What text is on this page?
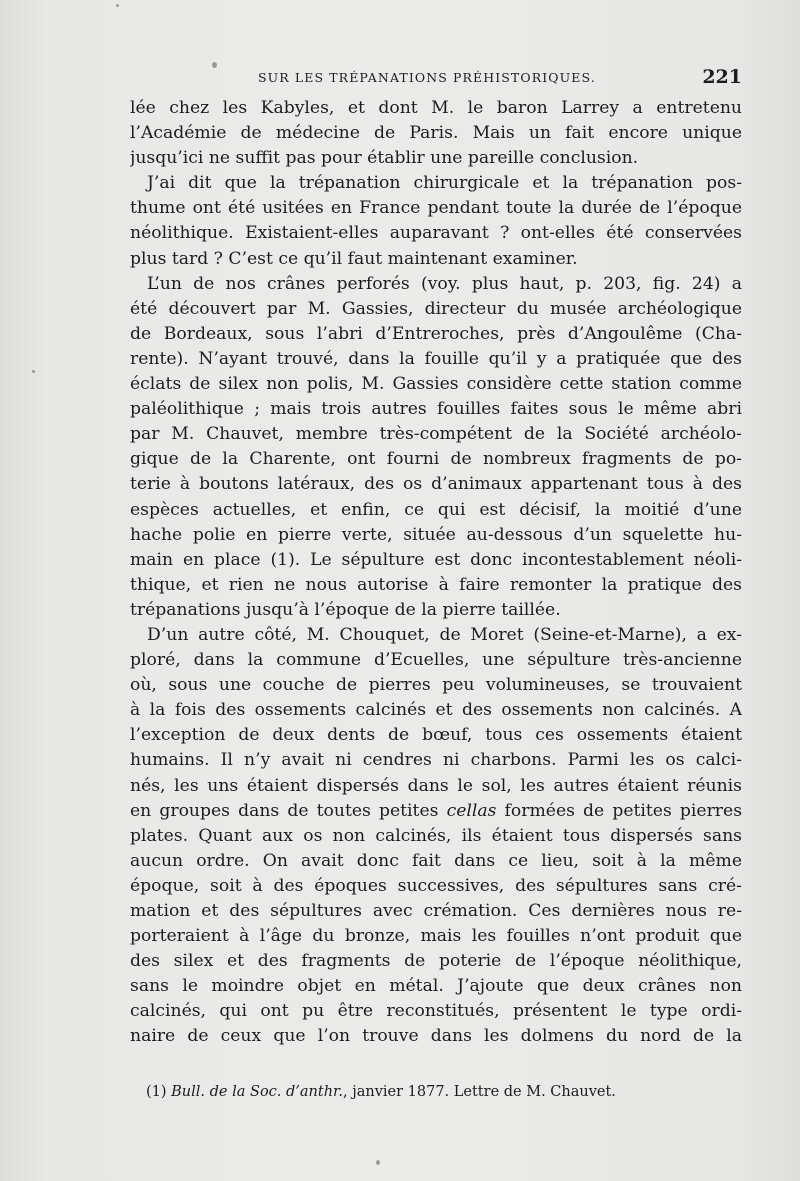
SUR LES TRÉPANATIONS PRÉHISTORIQUES.	221
lée chez les Kabyles, et dont M. le baron Larrey a entretenu
l’Académie de médecine de Paris. Mais un fait encore unique
jusqu’ici ne suffit pas pour établir une pareille conclusion.
J’ai dit que la trépanation chirurgicale et la trépanation pos-
thume ont été usitées en France pendant toute la durée de l’époque
néolithique. Existaient-elles auparavant ? ont-elles été conservées
plus tard ? C’est ce qu’il faut maintenant examiner.
L’un de nos crânes perforés (voy. plus haut, p. 203, fig. 24) a
été découvert par M. Gassies, directeur du musée archéologique
de Bordeaux, sous l’abri d’Entreroches, près d’Angoulême (Cha-
rente). N’ayant trouvé, dans la fouille qu’il y a pratiquée que des
éclats de silex non polis, M. Gassies considère cette station comme
paléolithique ; mais trois autres fouilles faites sous le même abri
par M. Chauvet, membre très-compétent de la Société archéolo-
gique de la Charente, ont fourni de nombreux fragments de po-
terie à boutons latéraux, des os d’animaux appartenant tous à des
espèces actuelles, et enfin, ce qui est décisif, la moitié d’une
hache polie en pierre verte, située au-dessous d’un squelette hu-
main en place (1). Le sépulture est donc incontestablement néoli-
thique, et rien ne nous autorise à faire remonter la pratique des
trépanations jusqu’à l’époque de la pierre taillée.
D’un autre côté, M. Chouquet, de Moret (Seine-et-Marne), a ex-
ploré, dans la commune d’Ecuelles, une sépulture très-ancienne
où, sous une couche de pierres peu volumineuses, se trouvaient
à la fois des ossements calcinés et des ossements non calcinés. A
l’exception de deux dents de bœuf, tous ces ossements étaient
humains. Il n’y avait ni cendres ni charbons. Parmi les os calci-
nés, les uns étaient dispersés dans le sol, les autres étaient réunis
en groupes dans de toutes petites cellas formées de petites pierres
plates. Quant aux os non calcinés, ils étaient tous dispersés sans
aucun ordre. On avait donc fait dans ce lieu, soit à la même
époque, soit à des époques successives, des sépultures sans cré-
mation et des sépultures avec crémation. Ces dernières nous re-
porteraient à l’âge du bronze, mais les fouilles n’ont produit que
des silex et des fragments de poterie de l’époque néolithique,
sans le moindre objet en métal. J’ajoute que deux crânes non
calcinés, qui ont pu être reconstitués, présentent le type ordi-
naire de ceux que l’on trouve dans les dolmens du nord de la
(1) Bull. de la Soc. d’anthr., janvier 1877. Lettre de M. Chauvet.
